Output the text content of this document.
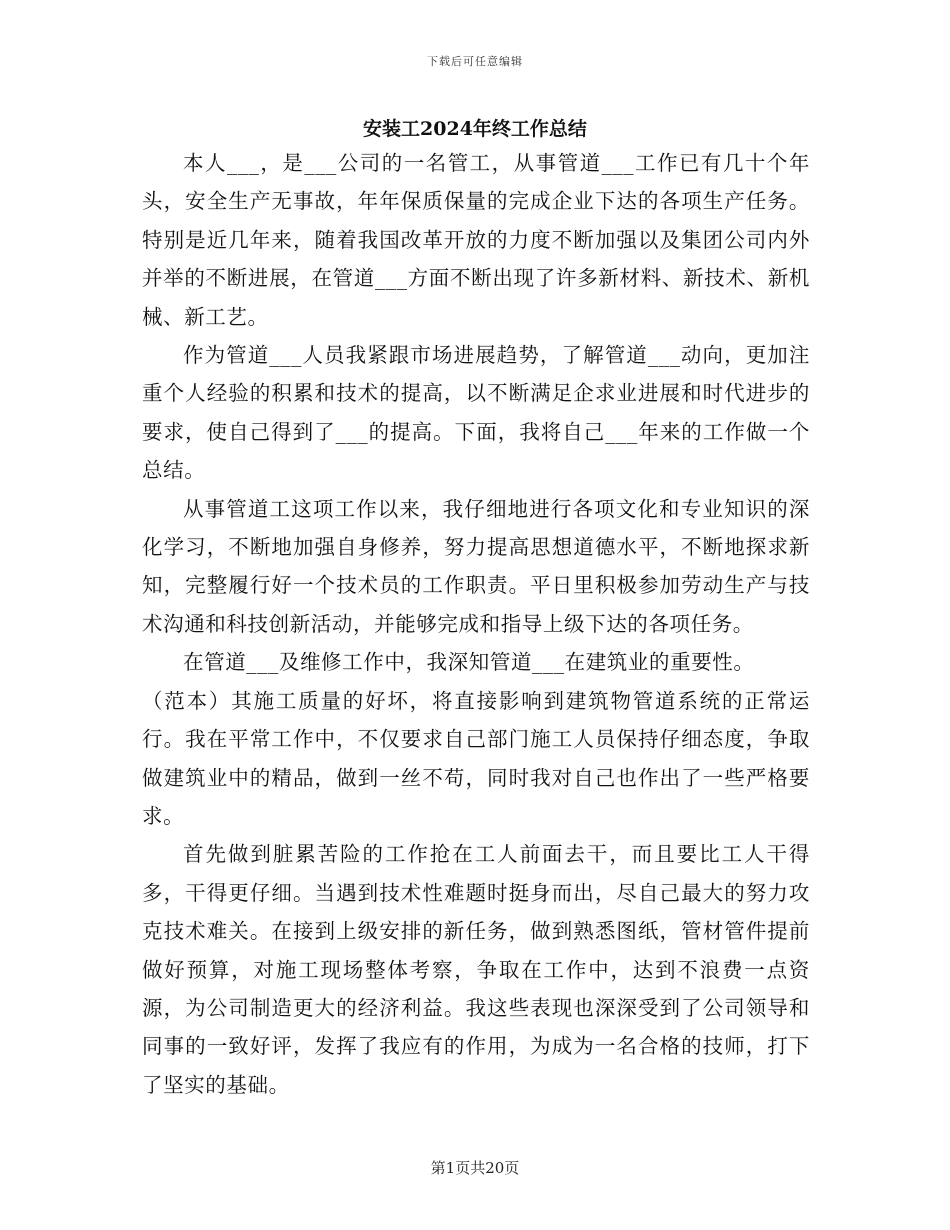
下载后可任意编辑
安装工2024年终工作总结

本人___，是___公司的一名管工，从事管道___工作已有几十个年头，安全生产无事故，年年保质保量的完成企业下达的各项生产任务。特别是近几年来，随着我国改革开放的力度不断加强以及集团公司内外并举的不断进展，在管道___方面不断出现了许多新材料、新技术、新机械、新工艺。

作为管道___人员我紧跟市场进展趋势，了解管道___动向，更加注重个人经验的积累和技术的提高，以不断满足企求业进展和时代进步的要求，使自己得到了___的提高。下面，我将自己___年来的工作做一个总结。

从事管道工这项工作以来，我仔细地进行各项文化和专业知识的深化学习，不断地加强自身修养，努力提高思想道德水平，不断地探求新知，完整履行好一个技术员的工作职责。平日里积极参加劳动生产与技术沟通和科技创新活动，并能够完成和指导上级下达的各项任务。

在管道___及维修工作中，我深知管道___在建筑业的重要性。

（范本）其施工质量的好坏，将直接影响到建筑物管道系统的正常运行。我在平常工作中，不仅要求自己部门施工人员保持仔细态度，争取做建筑业中的精品，做到一丝不苟，同时我对自己也作出了一些严格要求。

首先做到脏累苦险的工作抢在工人前面去干，而且要比工人干得多，干得更仔细。当遇到技术性难题时挺身而出，尽自己最大的努力攻克技术难关。在接到上级安排的新任务，做到熟悉图纸，管材管件提前做好预算，对施工现场整体考察，争取在工作中，达到不浪费一点资源，为公司制造更大的经济利益。我这些表现也深深受到了公司领导和同事的一致好评，发挥了我应有的作用，为成为一名合格的技师，打下了坚实的基础。

第1页共20页
